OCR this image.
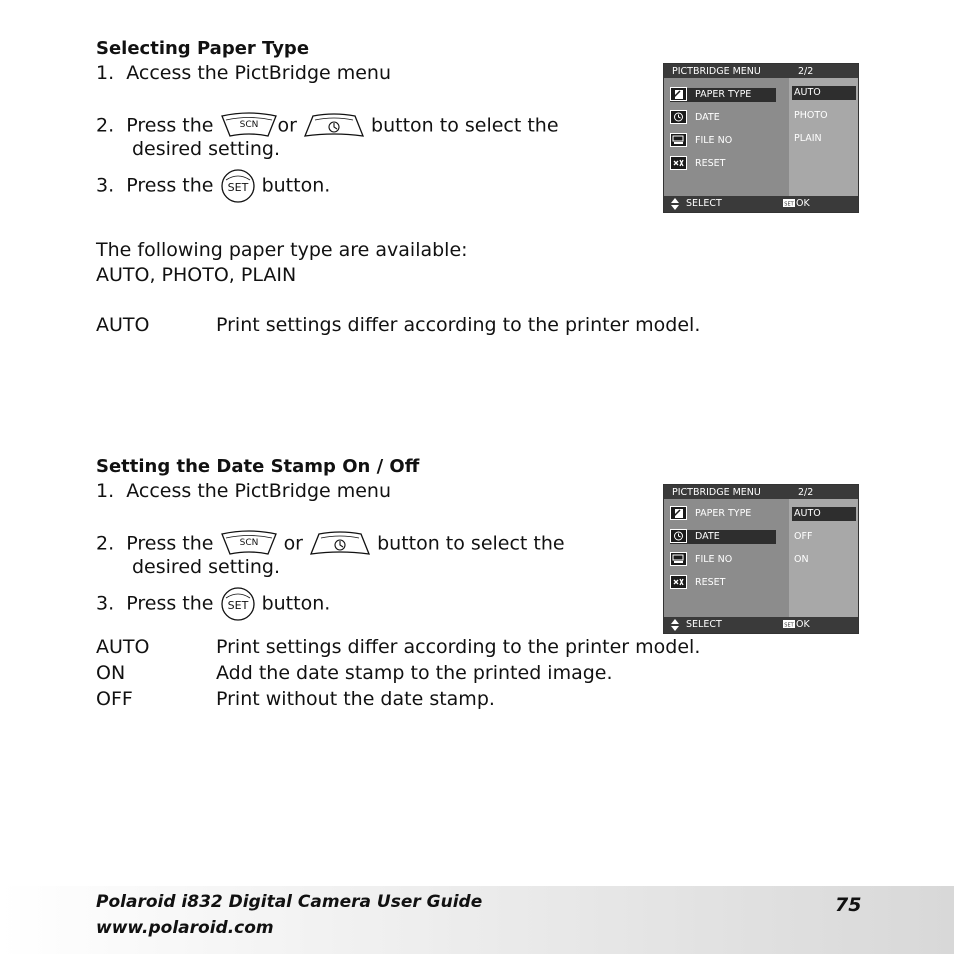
Selecting Paper Type
1. Access the PictBridge menu
2. Press the	SCN or	button to select the
desired setting.
3. Press the SET button.
The following paper type are available:
AUTO, PHOTO, PLAIN
AUTO	Print settings differ according to the printer model.
PICTBRIDGE MENU	2/2
PAPER TYPE
DATE
FILE NO
RESET
AUTO
PHOTO
PLAIN
SELECT	SET OK
Setting the Date Stamp On / Off
1. Access the PictBridge menu
2. Press the	SCN or	button to select the
desired setting.
3. Press the SET button.
AUTO	Print settings differ according to the printer model.
ON	Add the date stamp to the printed image.
OFF	Print without the date stamp.
PICTBRIDGE MENU	2/2
PAPER TYPE
DATE
FILE NO
RESET
AUTO
OFF
ON
SELECT	SET OK
Polaroid i832 Digital Camera User Guide
www.polaroid.com
75
